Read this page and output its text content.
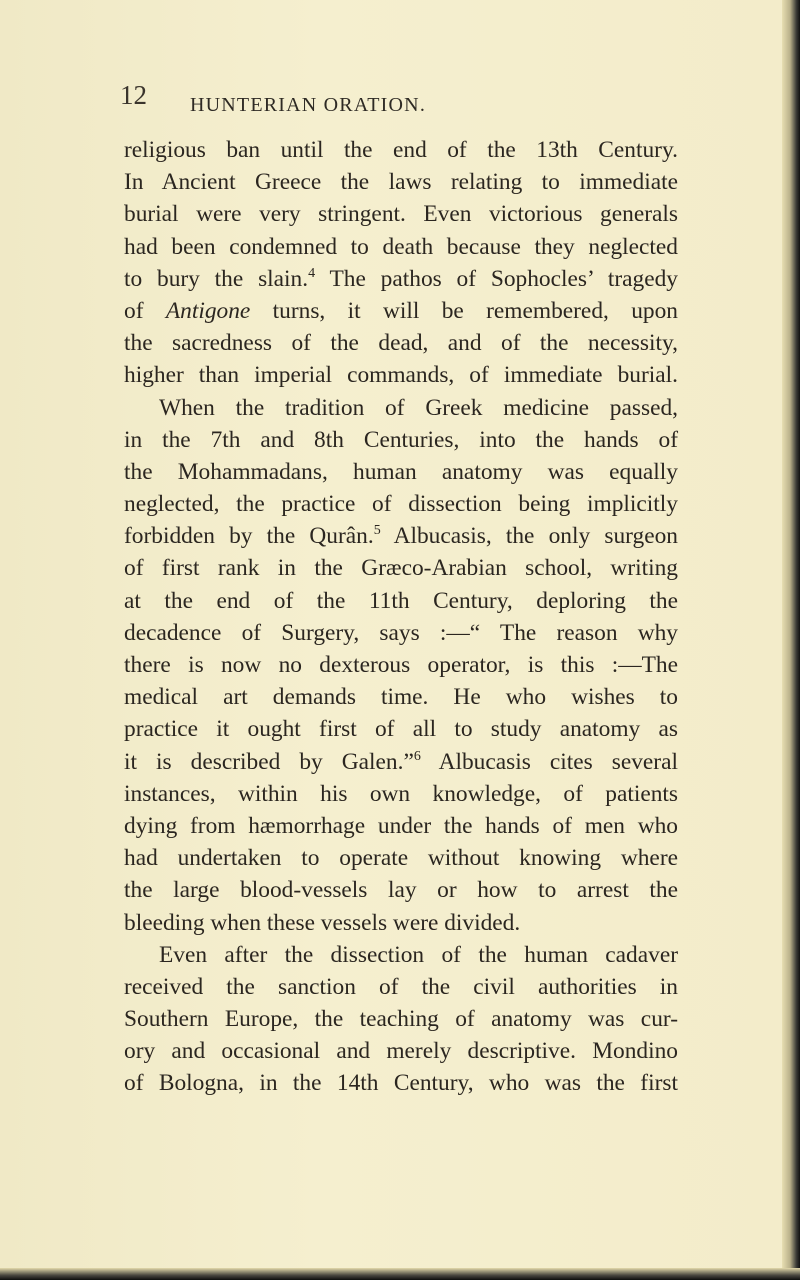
12 HUNTERIAN ORATION.
religious ban until the end of the 13th Century.
In Ancient Greece the laws relating to immediate
burial were very stringent. Even victorious generals
had been condemned to death because they neglected
to bury the slain.$^4$ The pathos of Sophocles’ tragedy
of Antigone turns, it will be remembered, upon
the sacredness of the dead, and of the necessity,
higher than imperial commands, of immediate burial.
When the tradition of Greek medicine passed,
in the 7th and 8th Centuries, into the hands of
the Mohammadans, human anatomy was equally
neglected, the practice of dissection being implicitly
forbidden by the Qurân.$^5$ Albucasis, the only surgeon
of first rank in the Græco-Arabian school, writing
at the end of the 11th Century, deploring the
decadence of Surgery, says :—“ The reason why
there is now no dexterous operator, is this :—The
medical art demands time. He who wishes to
practice it ought first of all to study anatomy as
it is described by Galen.”$^6$ Albucasis cites several
instances, within his own knowledge, of patients
dying from hæmorrhage under the hands of men who
had undertaken to operate without knowing where
the large blood-vessels lay or how to arrest the
bleeding when these vessels were divided.
Even after the dissection of the human cadaver
received the sanction of the civil authorities in
Southern Europe, the teaching of anatomy was cur-
ory and occasional and merely descriptive. Mondino
of Bologna, in the 14th Century, who was the first
